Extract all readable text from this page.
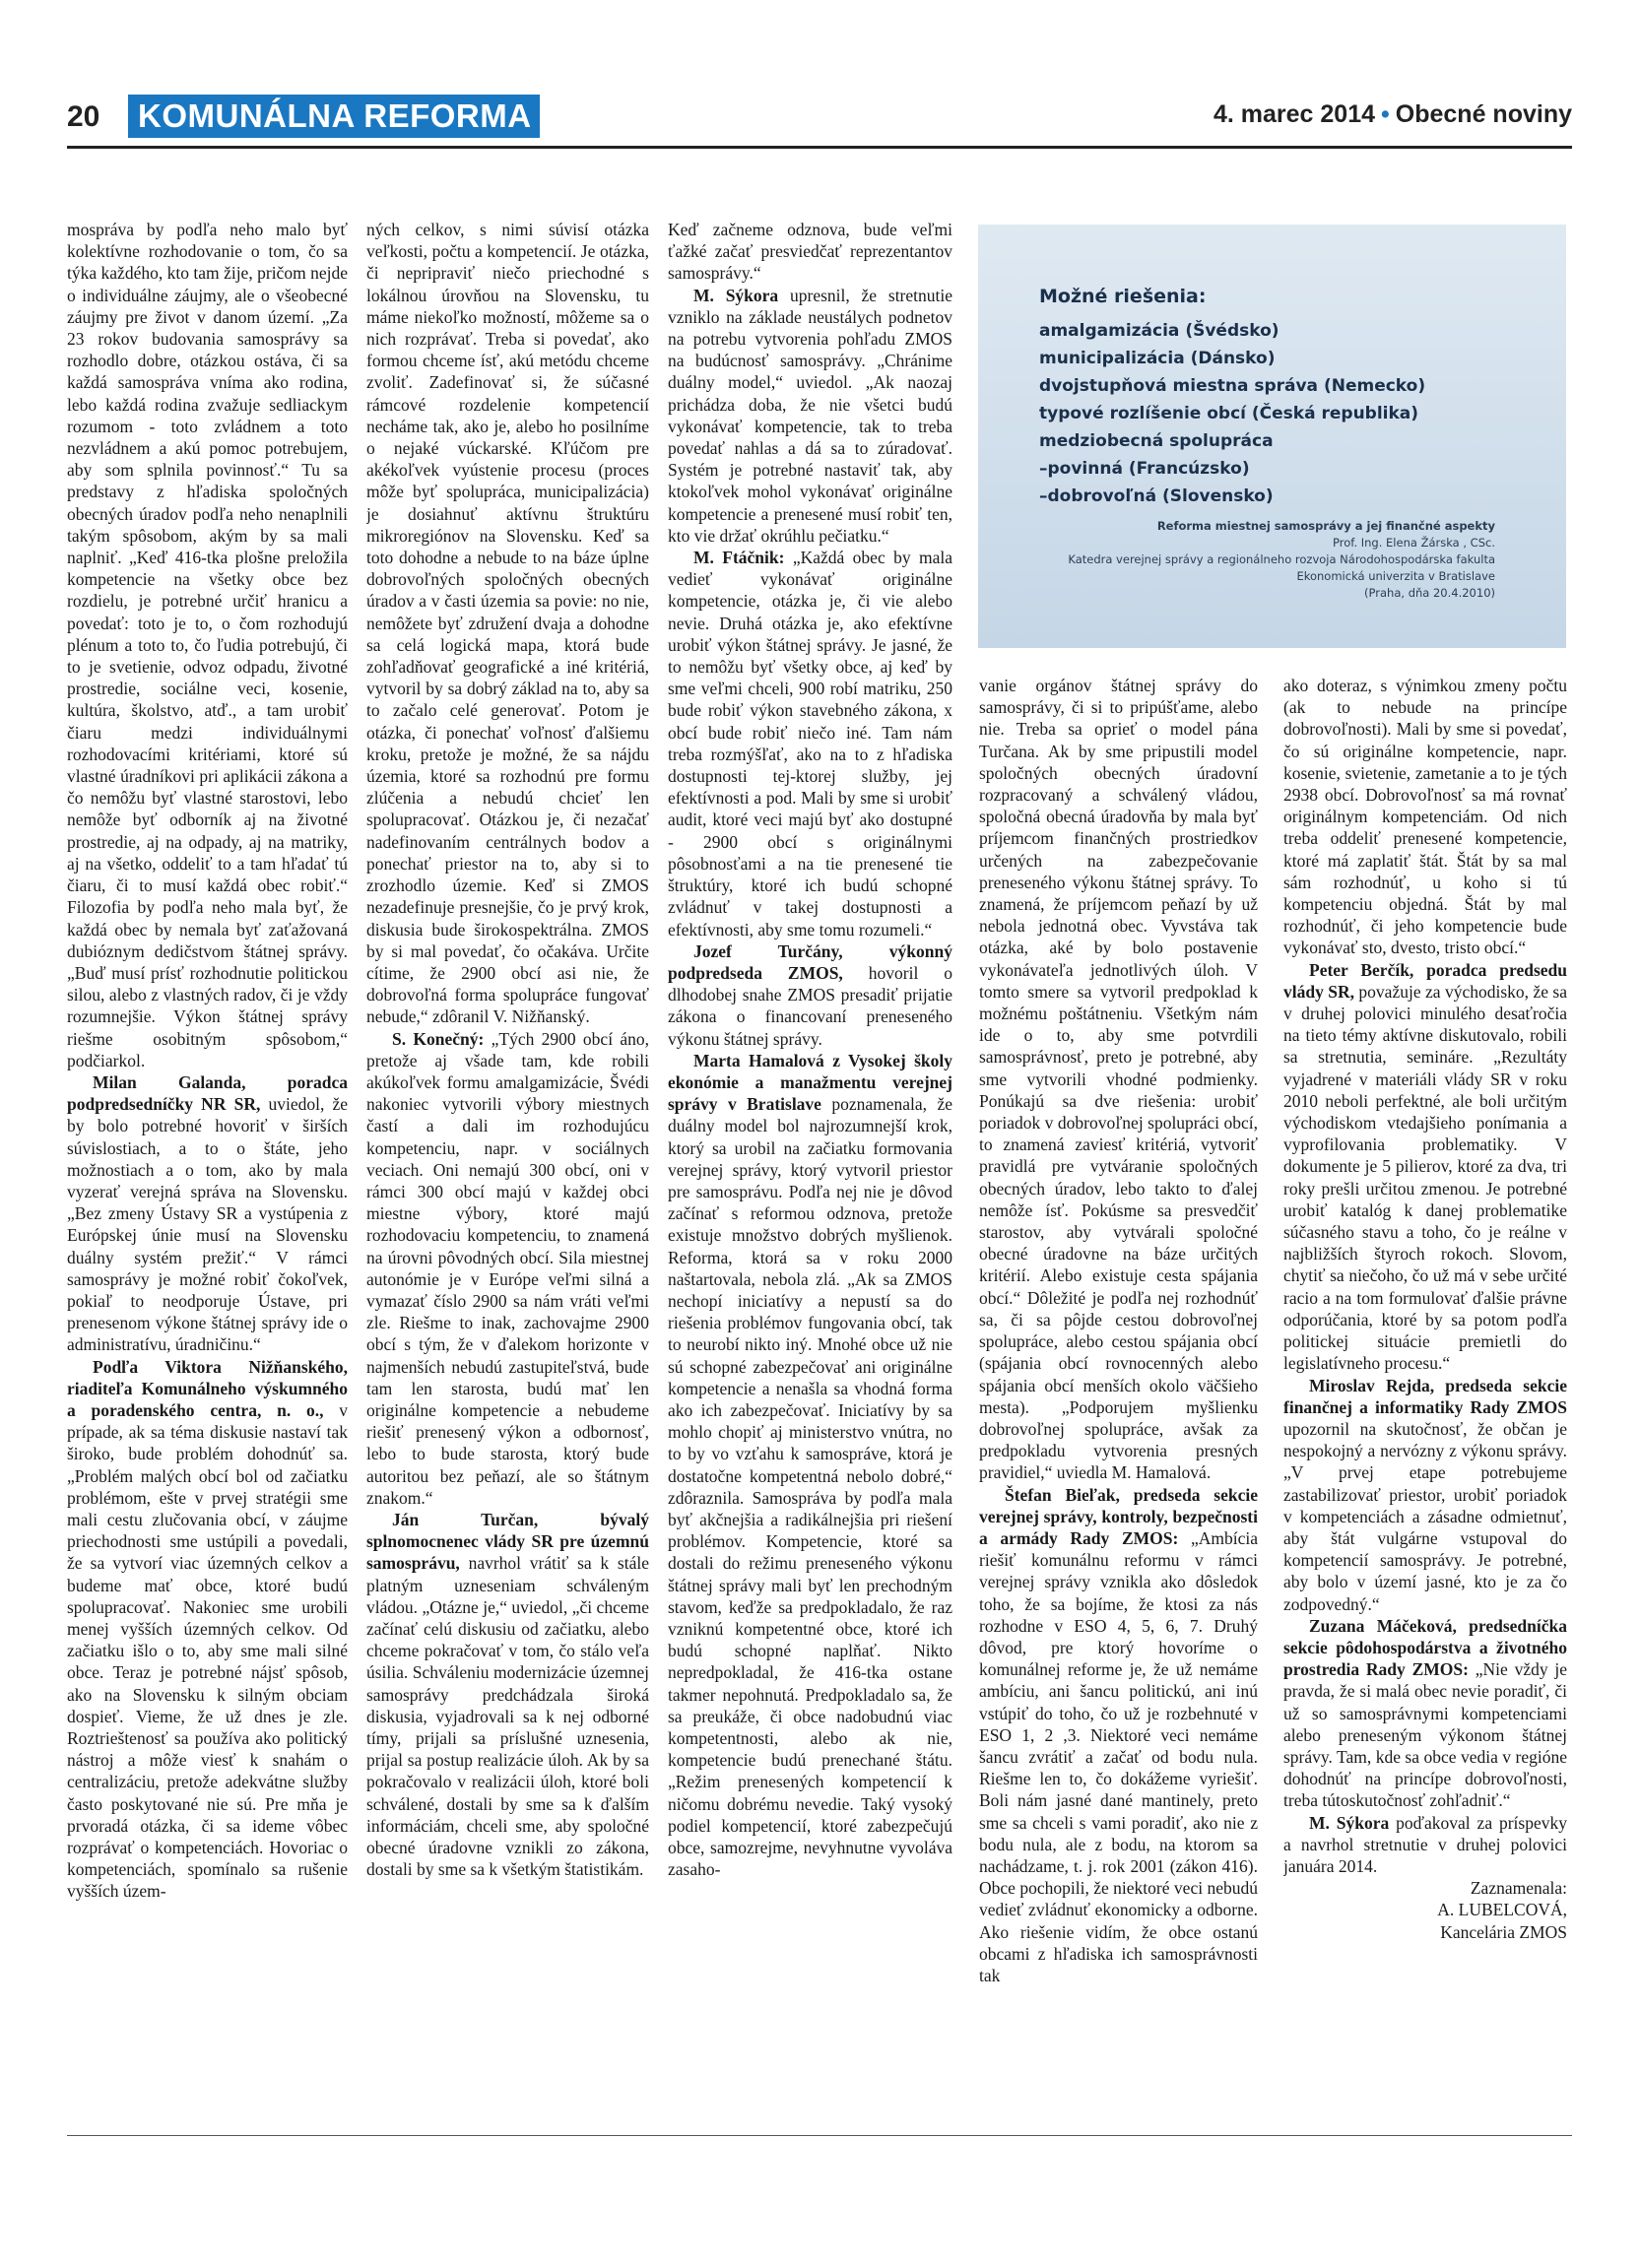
20	KOMUNÁLNA REFORMA	4. marec 2014 • Obecné noviny

mospráva by podľa neho malo byť kolektívne rozhodovanie o tom, čo sa týka každého, kto tam žije, pričom nejde o individuálne záujmy, ale o všeobecné záujmy pre život v danom území. „Za 23 rokov budovania samosprávy sa rozhodlo dobre, otázkou ostáva, či sa každá samospráva vníma ako rodina, lebo každá rodina zvažuje sedliackym rozumom - toto zvládnem a toto nezvládnem a akú pomoc potrebujem, aby som splnila povinnosť.“ Tu sa predstavy z hľadiska spoločných obecných úradov podľa neho nenaplnili takým spôsobom, akým by sa mali naplniť. „Keď 416-tka plošne preložila kompetencie na všetky obce bez rozdielu, je potrebné určiť hranicu a povedať: toto je to, o čom rozhodujú plénum a toto to, čo ľudia potrebujú, či to je svetienie, odvoz odpadu, životné prostredie, sociálne veci, kosenie, kultúra, školstvo, atď., a tam urobiť čiaru medzi individuálnymi rozhodovacími kritériami, ktoré sú vlastné úradníkovi pri aplikácii zákona a čo nemôžu byť vlastné starostovi, lebo nemôže byť odborník aj na životné prostredie, aj na odpady, aj na matriky, aj na všetko, oddeliť to a tam hľadať tú čiaru, či to musí každá obec robiť.“ Filozofia by podľa neho mala byť, že každá obec by nemala byť zaťažovaná dubióznym dedičstvom štátnej správy. „Buď musí prísť rozhodnutie politickou silou, alebo z vlastných radov, či je vždy rozumnejšie. Výkon štátnej správy riešme osobitným spôsobom,“ podčiarkol.

Milan Galanda, poradca podpredsedníčky NR SR, uviedol, že by bolo potrebné hovoriť v širších súvislostiach, a to o štáte, jeho možnostiach a o tom, ako by mala vyzerať verejná správa na Slovensku. „Bez zmeny Ústavy SR a vystúpenia z Európskej únie musí na Slovensku duálny systém prežiť.“ V rámci samosprávy je možné robiť čokoľvek, pokiaľ to neodporuje Ústave, pri prenesenom výkone štátnej správy ide o administratívu, úradničinu.“

Podľa Viktora Nižňanského, riaditeľa Komunálneho výskumného a poradenského centra, n. o., v prípade, ak sa téma diskusie nastaví tak široko, bude problém dohodnúť sa. „Problém malých obcí bol od začiatku problémom, ešte v prvej stratégii sme mali cestu zlučovania obcí, v záujme priechodnosti sme ustúpili a povedali, že sa vytvorí viac územných celkov a budeme mať obce, ktoré budú spolupracovať. Nakoniec sme urobili menej vyšších územných celkov. Od začiatku išlo o to, aby sme mali silné obce. Teraz je potrebné nájsť spôsob, ako na Slovensku k silným obciam dospieť. Vieme, že už dnes je zle. Roztrieštenosť sa používa ako politický nástroj a môže viesť k snahám o centralizáciu, pretože adekvátne služby často poskytované nie sú. Pre mňa je prvoradá otázka, či sa ideme vôbec rozprávať o kompetenciách. Hovoriac o kompetenciách, spomínalo sa rušenie vyšších územ-

ných celkov, s nimi súvisí otázka veľkosti, počtu a kompetencií. Je otázka, či nepripraviť niečo priechodné s lokálnou úrovňou na Slovensku, tu máme niekoľko možností, môžeme sa o nich rozprávať. Treba si povedať, ako formou chceme ísť, akú metódu chceme zvoliť. Zadefinovať si, že súčasné rámcové rozdelenie kompetencií necháme tak, ako je, alebo ho posilníme o nejaké vúckarské. Kľúčom pre akékoľvek vyústenie procesu (proces môže byť spolupráca, municipalizácia) je dosiahnuť aktívnu štruktúru mikroregiónov na Slovensku. Keď sa toto dohodne a nebude to na báze úplne dobrovoľných spoločných obecných úradov a v časti územia sa povie: no nie, nemôžete byť združení dvaja a dohodne sa celá logická mapa, ktorá bude zohľadňovať geografické a iné kritériá, vytvoril by sa dobrý základ na to, aby sa to začalo celé generovať. Potom je otázka, či ponechať voľnosť ďalšiemu kroku, pretože je možné, že sa nájdu územia, ktoré sa rozhodnú pre formu zlúčenia a nebudú chcieť len spolupracovať. Otázkou je, či nezačať nadefinovaním centrálnych bodov a ponechať priestor na to, aby si to zrozhodlo územie. Keď si ZMOS nezadefinuje presnejšie, čo je prvý krok, diskusia bude širokospektrálna. ZMOS by si mal povedať, čo očakáva. Určite cítime, že 2900 obcí asi nie, že dobrovoľná forma spolupráce fungovať nebude,“ zdôranil V. Nižňanský.

S. Konečný: „Tých 2900 obcí áno, pretože aj všade tam, kde robili akúkoľvek formu amalgamizácie, Švédi nakoniec vytvorili výbory miestnych častí a dali im rozhodujúcu kompetenciu, napr. v sociálnych veciach. Oni nemajú 300 obcí, oni v rámci 300 obcí majú v každej obci miestne výbory, ktoré majú rozhodovaciu kompetenciu, to znamená na úrovni pôvodných obcí. Sila miestnej autonómie je v Európe veľmi silná a vymazať číslo 2900 sa nám vráti veľmi zle. Riešme to inak, zachovajme 2900 obcí s tým, že v ďalekom horizonte v najmenších nebudú zastupiteľstvá, bude tam len starosta, budú mať len originálne kompetencie a nebudeme riešiť prenesený výkon a odbornosť, lebo to bude starosta, ktorý bude autoritou bez peňazí, ale so štátnym znakom.“

Ján Turčan, bývalý splnomocnenec vlády SR pre územnú samosprávu, navrhol vrátiť sa k stále platným uzneseniam schváleným vládou. „Otázne je,“ uviedol, „či chceme začínať celú diskusiu od začiatku, alebo chceme pokračovať v tom, čo stálo veľa úsilia. Schváleniu modernizácie územnej samosprávy predchádzala široká diskusia, vyjadrovali sa k nej odborné tímy, prijali sa príslušné uznesenia, prijal sa postup realizácie úloh. Ak by sa pokračovalo v realizácii úloh, ktoré boli schválené, dostali by sme sa k ďalším informáciám, chceli sme, aby spoločné obecné úradovne vznikli zo zákona, dostali by sme sa k všetkým štatistikám.

Keď začneme odznova, bude veľmi ťažké začať presviedčať reprezentantov samosprávy.“

M. Sýkora upresnil, že stretnutie vzniklo na základe neustálych podnetov na potrebu vytvorenia pohľadu ZMOS na budúcnosť samosprávy. „Chránime duálny model,“ uviedol. „Ak naozaj prichádza doba, že nie všetci budú vykonávať kompetencie, tak to treba povedať nahlas a dá sa to zúradovať. Systém je potrebné nastaviť tak, aby ktokoľvek mohol vykonávať originálne kompetencie a prenesené musí robiť ten, kto vie držať okrúhlu pečiatku.“

M. Ftáčnik: „Každá obec by mala vedieť vykonávať originálne kompetencie, otázka je, či vie alebo nevie. Druhá otázka je, ako efektívne urobiť výkon štátnej správy. Je jasné, že to nemôžu byť všetky obce, aj keď by sme veľmi chceli, 900 robí matriku, 250 bude robiť výkon stavebného zákona, x obcí bude robiť niečo iné. Tam nám treba rozmýšľať, ako na to z hľadiska dostupnosti tej-ktorej služby, jej efektívnosti a pod. Mali by sme si urobiť audit, ktoré veci majú byť ako dostupné - 2900 obcí s originálnymi pôsobnosťami a na tie prenesené tie štruktúry, ktoré ich budú schopné zvládnuť v takej dostupnosti a efektívnosti, aby sme tomu rozumeli.“

Jozef Turčány, výkonný podpredseda ZMOS, hovoril o dlhodobej snahe ZMOS presadiť prijatie zákona o financovaní preneseného výkonu štátnej správy.

Marta Hamalová z Vysokej školy ekonómie a manažmentu verejnej správy v Bratislave poznamenala, že duálny model bol najrozumnejší krok, ktorý sa urobil na začiatku formovania verejnej správy, ktorý vytvoril priestor pre samosprávu. Podľa nej nie je dôvod začínať s reformou odznova, pretože existuje množstvo dobrých myšlienok. Reforma, ktorá sa v roku 2000 naštartovala, nebola zlá. „Ak sa ZMOS nechopí iniciatívy a nepustí sa do riešenia problémov fungovania obcí, tak to neurobí nikto iný. Mnohé obce už nie sú schopné zabezpečovať ani originálne kompetencie a nenašla sa vhodná forma ako ich zabezpečovať. Iniciatívy by sa mohlo chopiť aj ministerstvo vnútra, no to by vo vzťahu k samospráve, ktorá je dostatočne kompetentná nebolo dobré,“ zdôraznila. Samospráva by podľa mala byť akčnejšia a radikálnejšia pri riešení problémov. Kompetencie, ktoré sa dostali do režimu preneseného výkonu štátnej správy mali byť len prechodným stavom, keďže sa predpokladalo, že raz vzniknú kompetentné obce, ktoré ich budú schopné naplňať. Nikto nepredpokladal, že 416-tka ostane takmer nepohnutá. Predpokladalo sa, že sa preukáže, či obce nadobudnú viac kompetentnosti, alebo ak nie, kompetencie budú prenechané štátu. „Režim prenesených kompetencií k ničomu dobrému nevedie. Taký vysoký podiel kompetencií, ktoré zabezpečujú obce, samozrejme, nevyhnutne vyvoláva zasaho-

Možné riešenia:
amalgamizácia (Švédsko)
municipalizácia (Dánsko)
dvojstupňová miestna správa (Nemecko)
typové rozlíšenie obcí (Česká republika)
medziobecná spolupráca
–povinná (Francúzsko)
–dobrovoľná (Slovensko)
Reforma miestnej samosprávy a jej finančné aspekty
Prof. Ing. Elena Žárska , CSc.
Katedra verejnej správy a regionálneho rozvoja Národohospodárska fakulta
Ekonomická univerzita v Bratislave
(Praha, dňa 20.4.2010)

vanie orgánov štátnej správy do samosprávy, či si to pripúšťame, alebo nie. Treba sa oprieť o model pána Turčana. Ak by sme pripustili model spoločných obecných úradovní rozpracovaný a schválený vládou, spoločná obecná úradovňa by mala byť príjemcom finančných prostriedkov určených na zabezpečovanie preneseného výkonu štátnej správy. To znamená, že príjemcom peňazí by už nebola jednotná obec. Vyvstáva tak otázka, aké by bolo postavenie vykonávateľa jednotlivých úloh. V tomto smere sa vytvoril predpoklad k možnému poštátneniu. Všetkým nám ide o to, aby sme potvrdili samosprávnosť, preto je potrebné, aby sme vytvorili vhodné podmienky. Ponúkajú sa dve riešenia: urobiť poriadok v dobrovoľnej spolupráci obcí, to znamená zaviesť kritériá, vytvoriť pravidlá pre vytváranie spoločných obecných úradov, lebo takto to ďalej nemôže ísť. Pokúsme sa presvedčiť starostov, aby vytvárali spoločné obecné úradovne na báze určitých kritérií. Alebo existuje cesta spájania obcí.“ Dôležité je podľa nej rozhodnúť sa, či sa pôjde cestou dobrovoľnej spolupráce, alebo cestou spájania obcí (spájania obcí rovnocenných alebo spájania obcí menších okolo väčšieho mesta). „Podporujem myšlienku dobrovoľnej spolupráce, avšak za predpokladu vytvorenia presných pravidiel,“ uviedla M. Hamalová.

Štefan Bieľak, predseda sekcie verejnej správy, kontroly, bezpečnosti a armády Rady ZMOS: „Ambícia riešiť komunálnu reformu v rámci verejnej správy vznikla ako dôsledok toho, že sa bojíme, že ktosi za nás rozhodne v ESO 4, 5, 6, 7. Druhý dôvod, pre ktorý hovoríme o komunálnej reforme je, že už nemáme ambíciu, ani šancu politickú, ani inú vstúpiť do toho, čo už je rozbehnuté v ESO 1, 2 ,3. Niektoré veci nemáme šancu zvrátiť a začať od bodu nula. Riešme len to, čo dokážeme vyriešiť. Boli nám jasné dané mantinely, preto sme sa chceli s vami poradiť, ako nie z bodu nula, ale z bodu, na ktorom sa nachádzame, t. j. rok 2001 (zákon 416). Obce pochopili, že niektoré veci nebudú vedieť zvládnuť ekonomicky a odborne. Ako riešenie vidím, že obce ostanú obcami z hľadiska ich samosprávnosti tak

ako doteraz, s výnimkou zmeny počtu (ak to nebude na princípe dobrovoľnosti). Mali by sme si povedať, čo sú originálne kompetencie, napr. kosenie, svietenie, zametanie a to je tých 2938 obcí. Dobrovoľnosť sa má rovnať originálnym kompetenciám. Od nich treba oddeliť prenesené kompetencie, ktoré má zaplatiť štát. Štát by sa mal sám rozhodnúť, u koho si tú kompetenciu objedná. Štát by mal rozhodnúť, či jeho kompetencie bude vykonávať sto, dvesto, tristo obcí.“

Peter Berčík, poradca predsedu vlády SR, považuje za východisko, že sa v druhej polovici minulého desaťročia na tieto témy aktívne diskutovalo, robili sa stretnutia, semináre. „Rezultáty vyjadrené v materiáli vlády SR v roku 2010 neboli perfektné, ale boli určitým východiskom vtedajšieho ponímania a vyprofilovania problematiky. V dokumente je 5 pilierov, ktoré za dva, tri roky prešli určitou zmenou. Je potrebné urobiť katalóg k danej problematike súčasného stavu a toho, čo je reálne v najbližších štyroch rokoch. Slovom, chytiť sa niečoho, čo už má v sebe určité racio a na tom formulovať ďalšie právne odporúčania, ktoré by sa potom podľa politickej situácie premietli do legislatívneho procesu.“

Miroslav Rejda, predseda sekcie finančnej a informatiky Rady ZMOS upozornil na skutočnosť, že občan je nespokojný a nervózny z výkonu správy. „V prvej etape potrebujeme zastabilizovať priestor, urobiť poriadok v kompetenciách a zásadne odmietnuť, aby štát vulgárne vstupoval do kompetencií samosprávy. Je potrebné, aby bolo v území jasné, kto je za čo zodpovedný.“

Zuzana Máčeková, predsedníčka sekcie pôdohospodárstva a životného prostredia Rady ZMOS: „Nie vždy je pravda, že si malá obec nevie poradiť, či už so samosprávnymi kompetenciami alebo preneseným výkonom štátnej správy. Tam, kde sa obce vedia v regióne dohodnúť na princípe dobrovoľnosti, treba tútoskutočnosť zohľadniť.“

M. Sýkora poďakoval za príspevky a navrhol stretnutie v druhej polovici januára 2014.

Zaznamenala:

A. LUBELCOVÁ,

Kancelária ZMOS
